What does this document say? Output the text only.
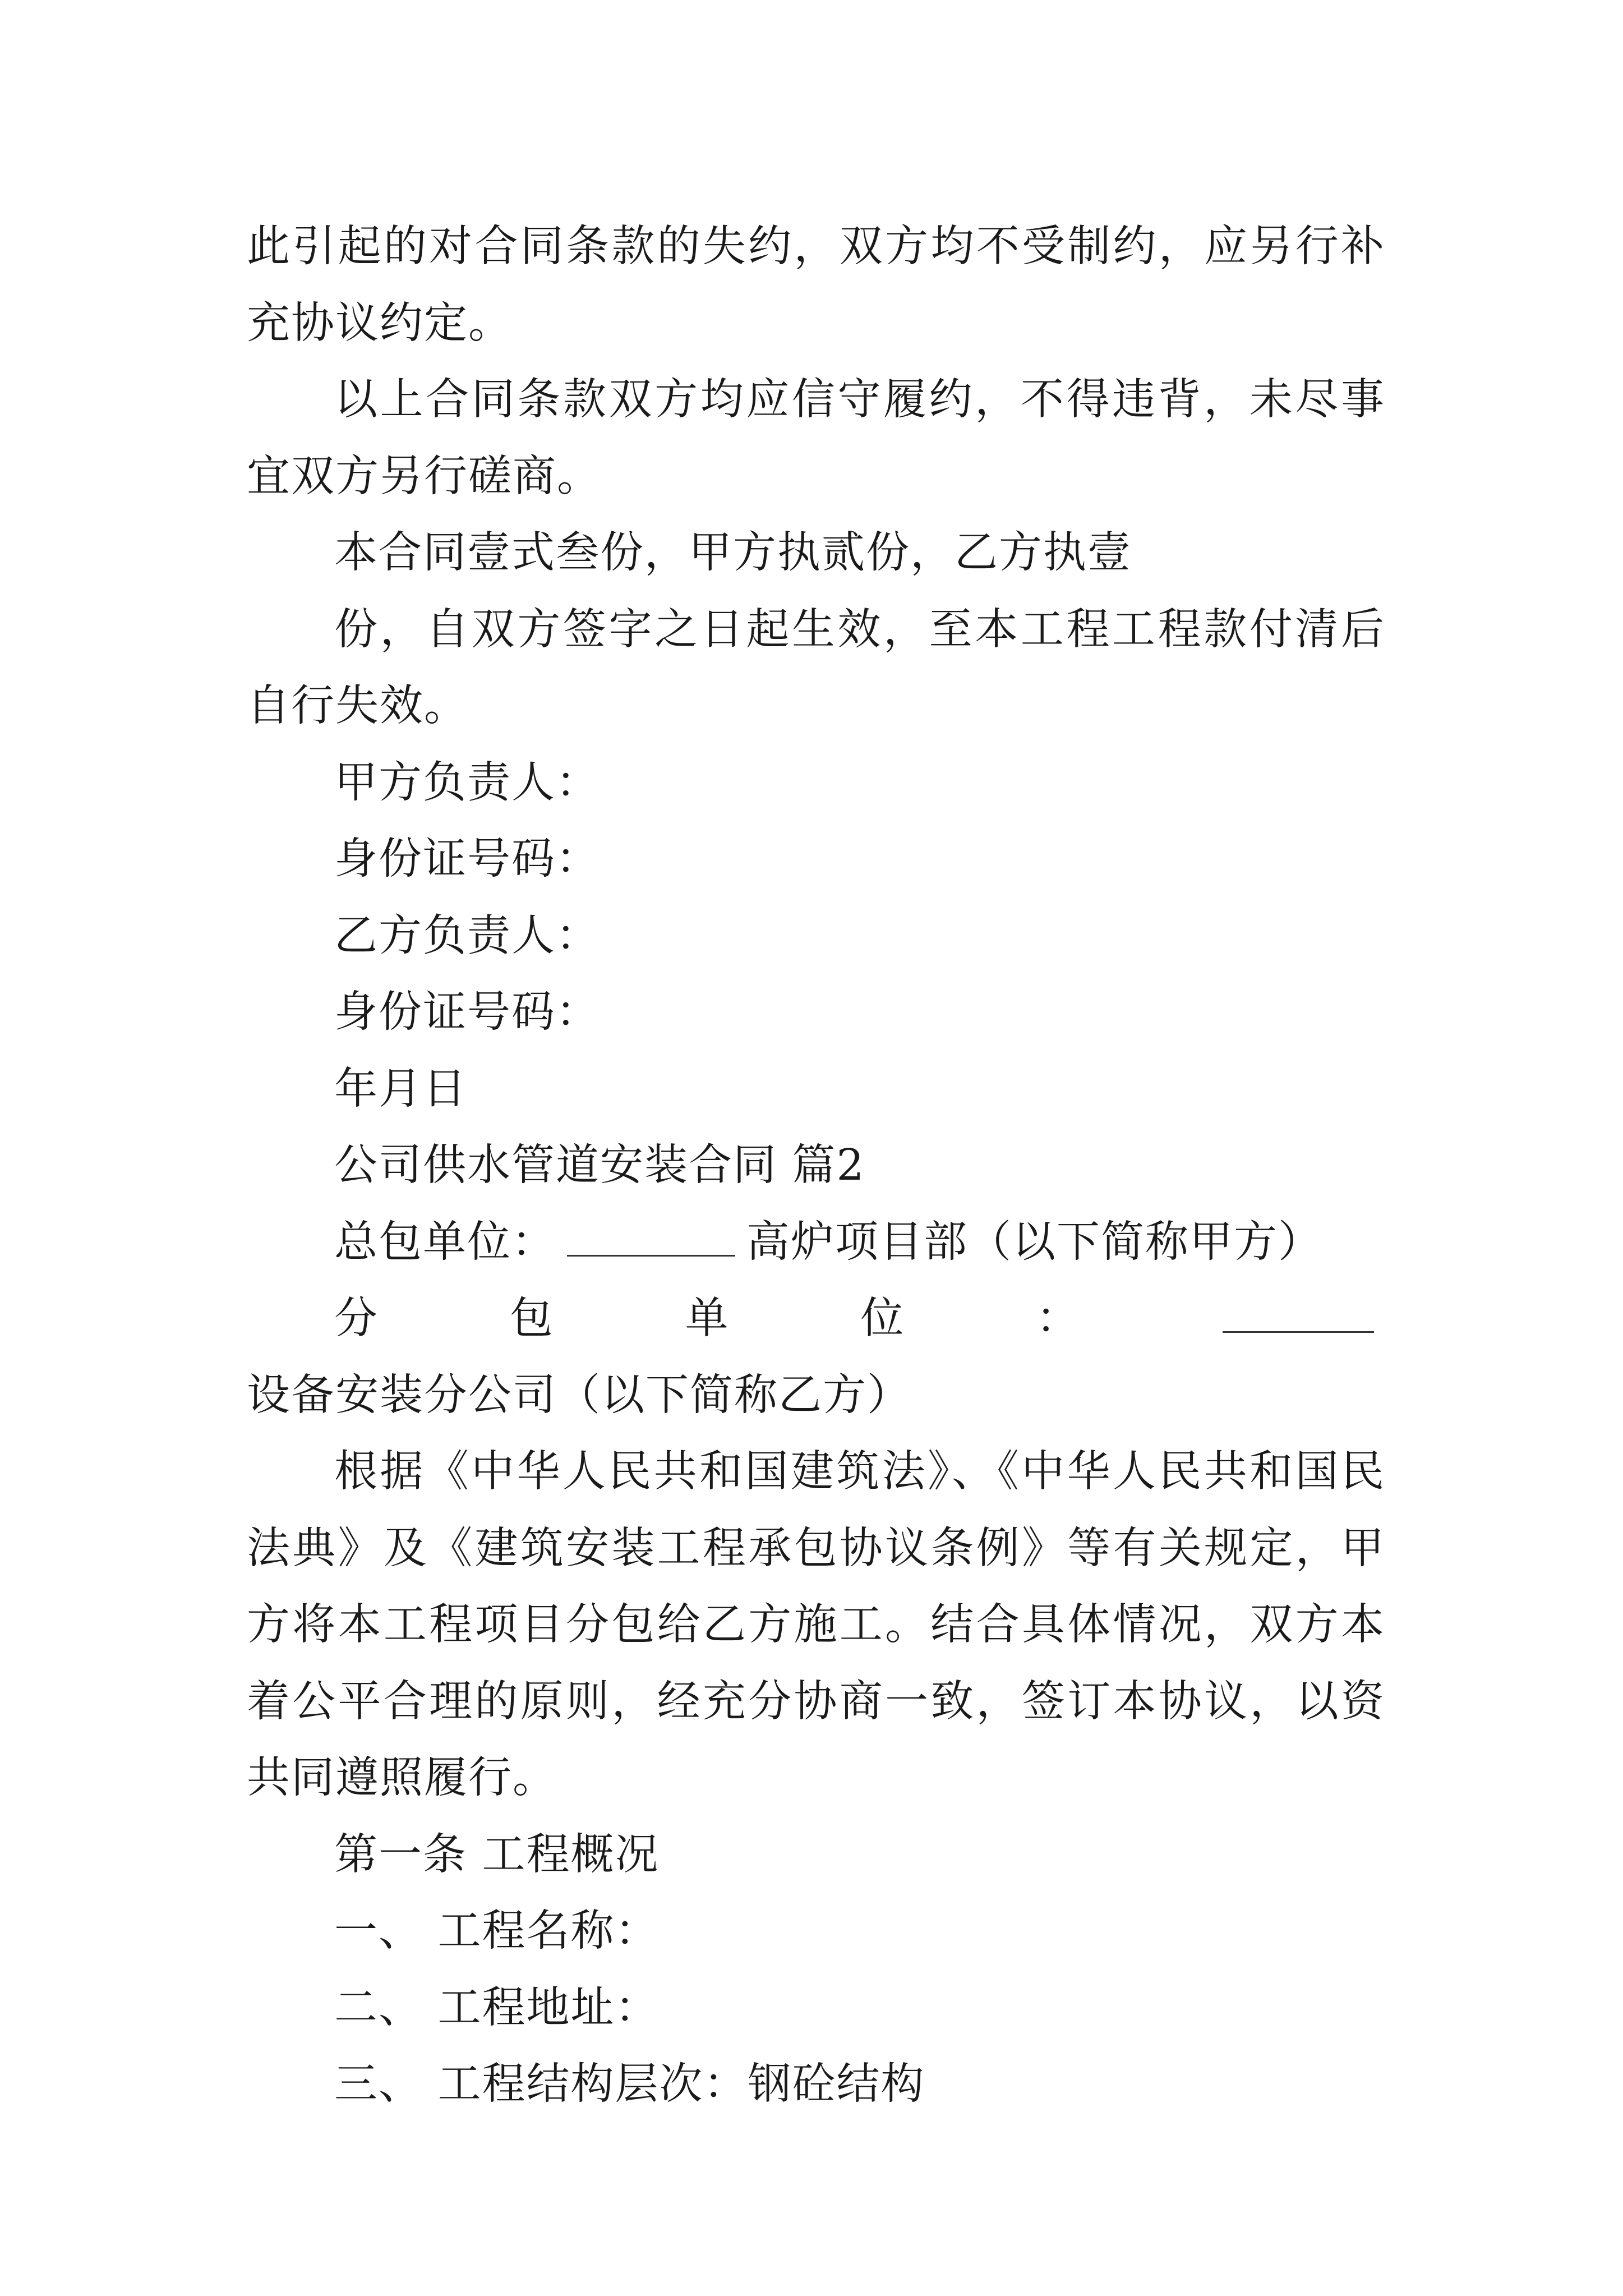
此引起的对合同条款的失约，双方均不受制约，应另行补充协议约定。

以上合同条款双方均应信守履约，不得违背，未尽事宜双方另行磋商。

本合同壹式叁份，甲方执贰份，乙方执壹

份，自双方签字之日起生效，至本工程工程款付清后自行失效。

甲方负责人：

身份证号码：

乙方负责人：

身份证号码：

年月日

公司供水管道安装合同 篇2

总包单位：	高炉项目部（以下简称甲方）

分包单位：设备安装分公司（以下简称乙方）

根据《中华人民共和国建筑法》、《中华人民共和国民法典》及《建筑安装工程承包协议条例》等有关规定，甲方将本工程项目分包给乙方施工。结合具体情况，双方本着公平合理的原则，经充分协商一致，签订本协议，以资共同遵照履行。

第一条 工程概况

一、 工程名称：

二、 工程地址：

三、 工程结构层次：钢砼结构
